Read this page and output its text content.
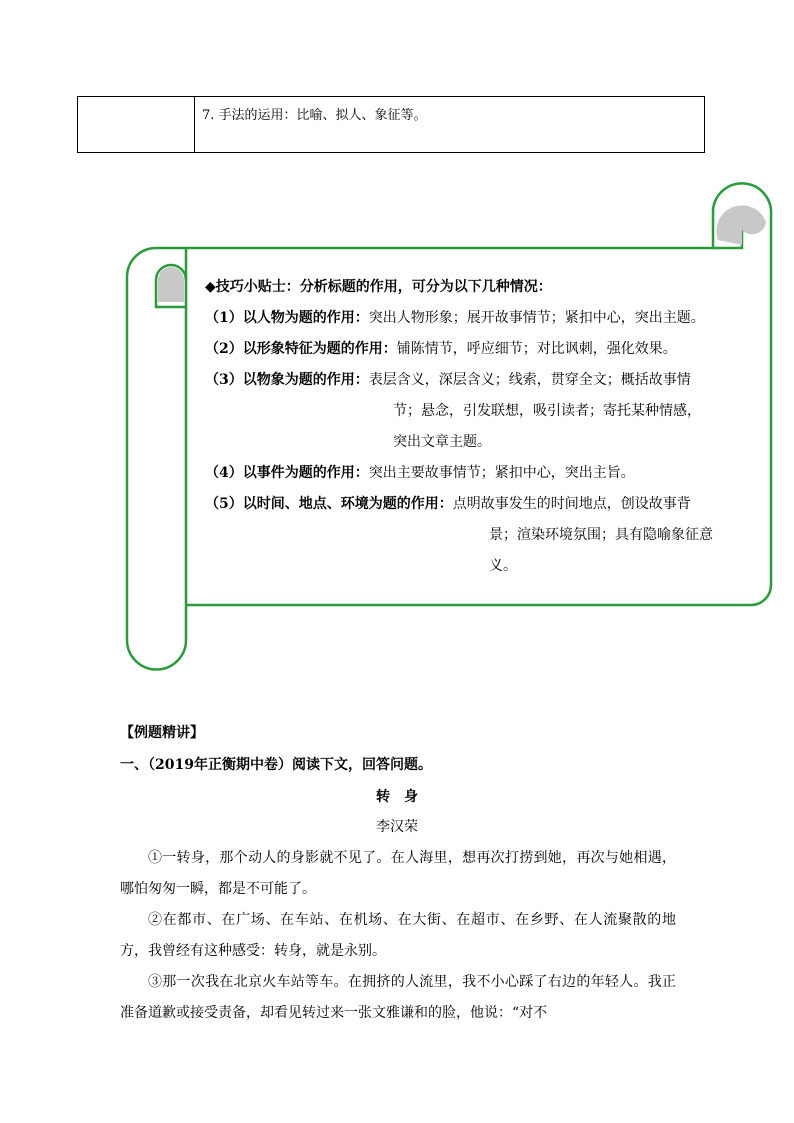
7. 手法的运用：比喻、拟人、象征等。
◆技巧小贴士：分析标题的作用，可分为以下几种情况：
（1）以人物为题的作用：突出人物形象；展开故事情节；紧扣中心，突出主题。
（2）以形象特征为题的作用：铺陈情节，呼应细节；对比讽刺，强化效果。
（3）以物象为题的作用：表层含义，深层含义；线索，贯穿全文；概括故事情
节；悬念，引发联想，吸引读者；寄托某种情感，
突出文章主题。
（4）以事件为题的作用：突出主要故事情节；紧扣中心，突出主旨。
（5）以时间、地点、环境为题的作用：点明故事发生的时间地点，创设故事背
景；渲染环境氛围；具有隐喻象征意
义。
【例题精讲】
一、（2019年正衡期中卷）阅读下文，回答问题。
转身
李汉荣
①一转身，那个动人的身影就不见了。在人海里，想再次打捞到她，再次与她相遇，哪怕匆匆一瞬，都是不可能了。
②在都市、在广场、在车站、在机场、在大街、在超市、在乡野、在人流聚散的地方，我曾经有这种感受：转身，就是永别。
③那一次我在北京火车站等车。在拥挤的人流里，我不小心踩了右边的年轻人。我正准备道歉或接受责备，却看见转过来一张文雅谦和的脸，他说：“对不
